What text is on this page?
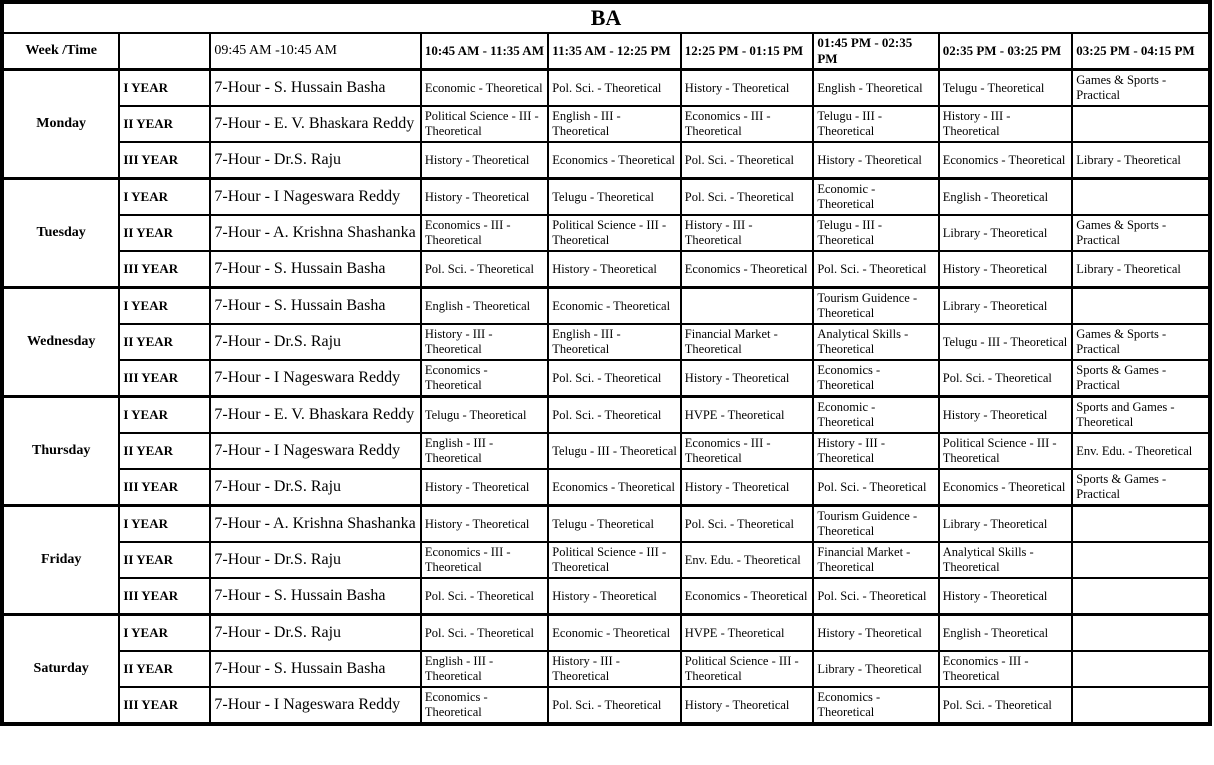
BA								
Week /Time		09:45 AM -10:45 AM	10:45 AM - 11:35 AM	11:35 AM - 12:25 PM	12:25 PM - 01:15 PM	01:45 PM - 02:35 PM	02:35 PM - 03:25 PM	03:25 PM - 04:15 PM
Monday	I YEAR	7-Hour - S. Hussain Basha	Economic - Theoretical	Pol. Sci. - Theoretical	History - Theoretical	English - Theoretical	Telugu - Theoretical	Games & Sports - Practical
	II YEAR	7-Hour - E. V. Bhaskara Reddy	Political Science - III - Theoretical	English - III - Theoretical	Economics - III - Theoretical	Telugu - III - Theoretical	History - III - Theoretical	
	III YEAR	7-Hour - Dr.S. Raju	History - Theoretical	Economics - Theoretical	Pol. Sci. - Theoretical	History - Theoretical	Economics - Theoretical	Library - Theoretical
Tuesday	I YEAR	7-Hour - I Nageswara Reddy	History - Theoretical	Telugu - Theoretical	Pol. Sci. - Theoretical	Economic - Theoretical	English - Theoretical	
	II YEAR	7-Hour - A. Krishna Shashanka	Economics - III - Theoretical	Political Science - III - Theoretical	History - III - Theoretical	Telugu - III - Theoretical	Library - Theoretical	Games & Sports - Practical
	III YEAR	7-Hour - S. Hussain Basha	Pol. Sci. - Theoretical	History - Theoretical	Economics - Theoretical	Pol. Sci. - Theoretical	History - Theoretical	Library - Theoretical
Wednesday	I YEAR	7-Hour - S. Hussain Basha	English - Theoretical	Economic - Theoretical		Tourism Guidence - Theoretical	Library - Theoretical	
	II YEAR	7-Hour - Dr.S. Raju	History - III - Theoretical	English - III - Theoretical	Financial Market - Theoretical	Analytical Skills - Theoretical	Telugu - III - Theoretical	Games & Sports - Practical
	III YEAR	7-Hour - I Nageswara Reddy	Economics - Theoretical	Pol. Sci. - Theoretical	History - Theoretical	Economics - Theoretical	Pol. Sci. - Theoretical	Sports & Games - Practical
Thursday	I YEAR	7-Hour - E. V. Bhaskara Reddy	Telugu - Theoretical	Pol. Sci. - Theoretical	HVPE - Theoretical	Economic - Theoretical	History - Theoretical	Sports and Games - Theoretical
	II YEAR	7-Hour - I Nageswara Reddy	English - III - Theoretical	Telugu - III - Theoretical	Economics - III - Theoretical	History - III - Theoretical	Political Science - III - Theoretical	Env. Edu. - Theoretical
	III YEAR	7-Hour - Dr.S. Raju	History - Theoretical	Economics - Theoretical	History - Theoretical	Pol. Sci. - Theoretical	Economics - Theoretical	Sports & Games - Practical
Friday	I YEAR	7-Hour - A. Krishna Shashanka	History - Theoretical	Telugu - Theoretical	Pol. Sci. - Theoretical	Tourism Guidence - Theoretical	Library - Theoretical	
	II YEAR	7-Hour - Dr.S. Raju	Economics - III - Theoretical	Political Science - III - Theoretical	Env. Edu. - Theoretical	Financial Market - Theoretical	Analytical Skills - Theoretical	
	III YEAR	7-Hour - S. Hussain Basha	Pol. Sci. - Theoretical	History - Theoretical	Economics - Theoretical	Pol. Sci. - Theoretical	History - Theoretical	
Saturday	I YEAR	7-Hour - Dr.S. Raju	Pol. Sci. - Theoretical	Economic - Theoretical	HVPE - Theoretical	History - Theoretical	English - Theoretical	
	II YEAR	7-Hour - S. Hussain Basha	English - III - Theoretical	History - III - Theoretical	Political Science - III - Theoretical	Library - Theoretical	Economics - III - Theoretical	
	III YEAR	7-Hour - I Nageswara Reddy	Economics - Theoretical	Pol. Sci. - Theoretical	History - Theoretical	Economics - Theoretical	Pol. Sci. - Theoretical	
